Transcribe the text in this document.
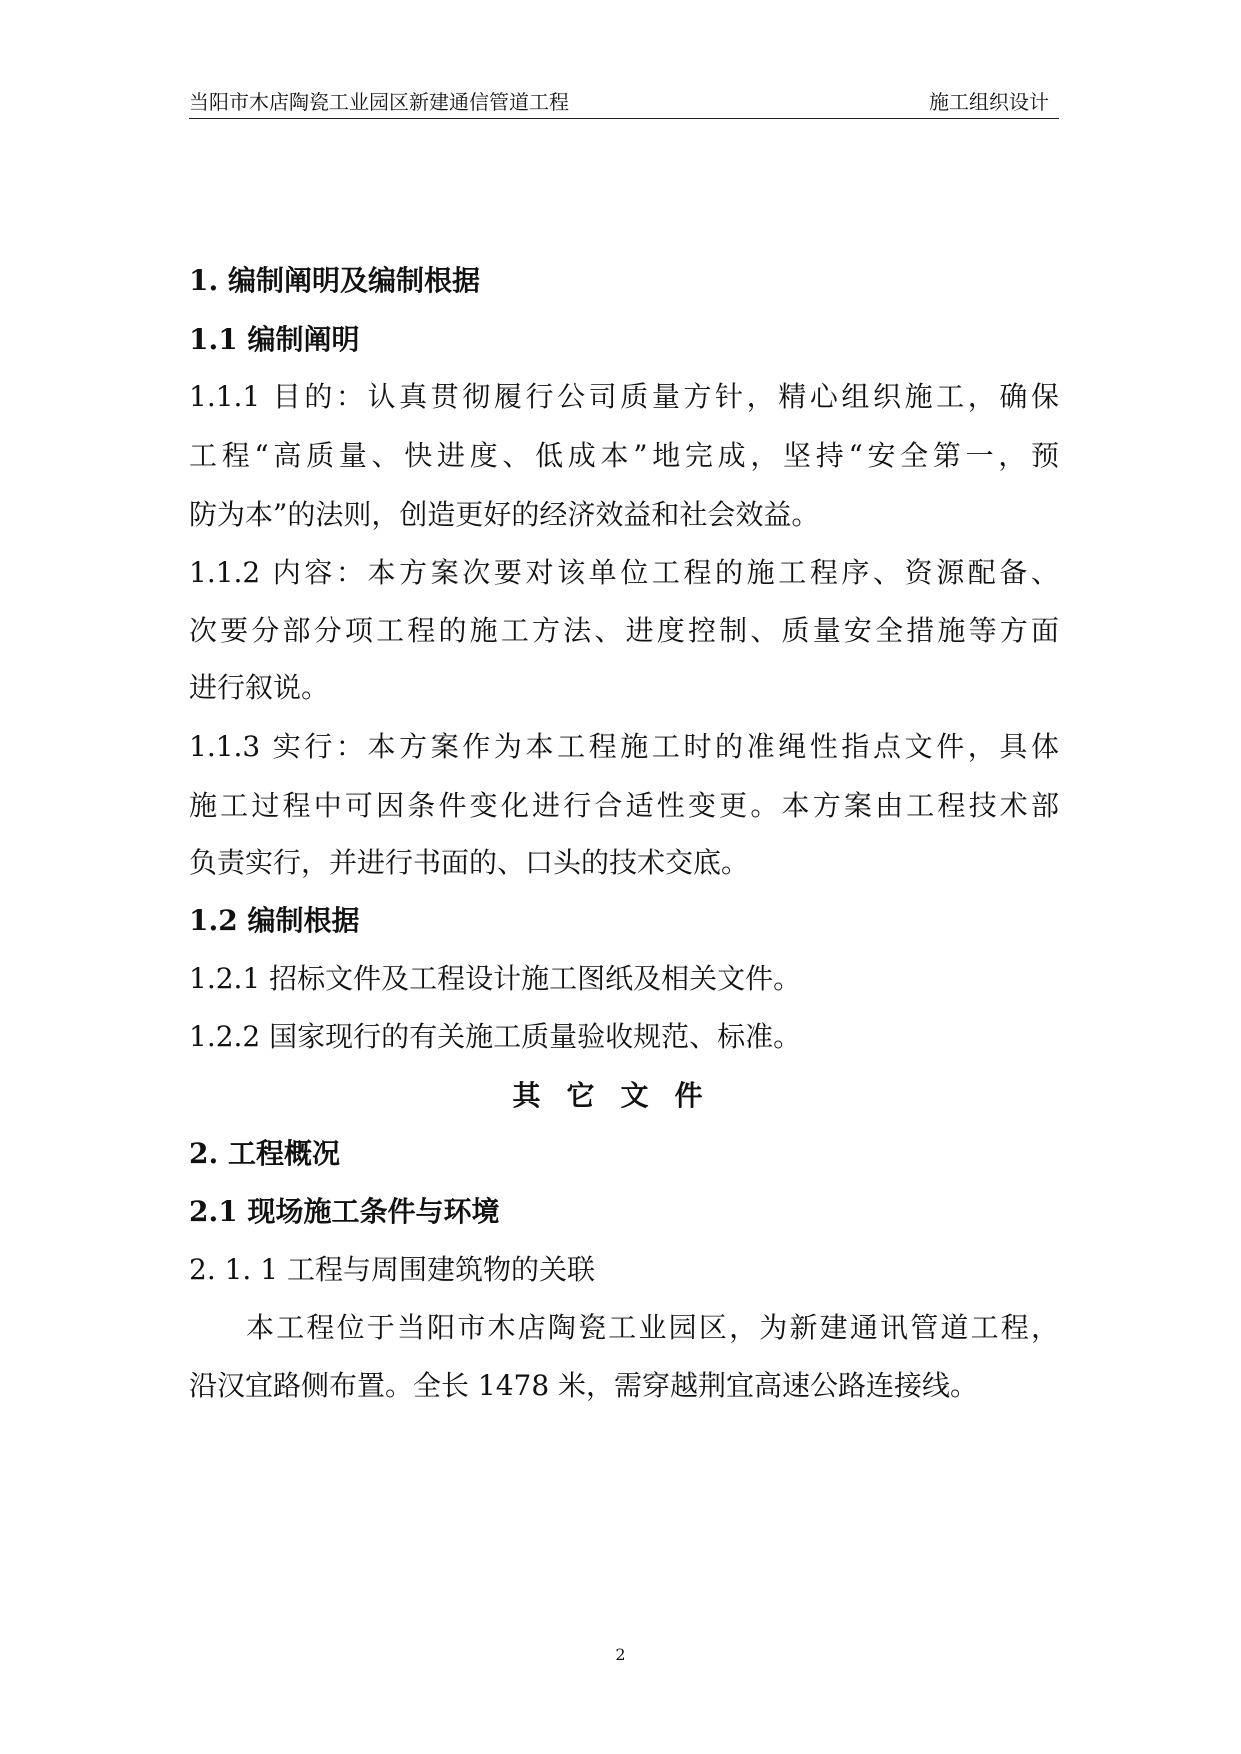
当阳市木店陶瓷工业园区新建通信管道工程	施工组织设计
1. 编制阐明及编制根据
1.1 编制阐明
1.1.1 目的：认真贯彻履行公司质量方针，精心组织施工，确保
工程“高质量、快进度、低成本”地完成，坚持“安全第一，预
防为本”的法则，创造更好的经济效益和社会效益。
1.1.2 内容：本方案次要对该单位工程的施工程序、资源配备、
次要分部分项工程的施工方法、进度控制、质量安全措施等方面
进行叙说。
1.1.3 实行：本方案作为本工程施工时的准绳性指点文件，具体
施工过程中可因条件变化进行合适性变更。本方案由工程技术部
负责实行，并进行书面的、口头的技术交底。
1.2 编制根据
1.2.1 招标文件及工程设计施工图纸及相关文件。
1.2.2 国家现行的有关施工质量验收规范、标准。
其它文件
2. 工程概况
2.1 现场施工条件与环境
2. 1. 1 工程与周围建筑物的关联
本工程位于当阳市木店陶瓷工业园区，为新建通讯管道工程，
沿汉宜路侧布置。全长 1478 米，需穿越荆宜高速公路连接线。
2
